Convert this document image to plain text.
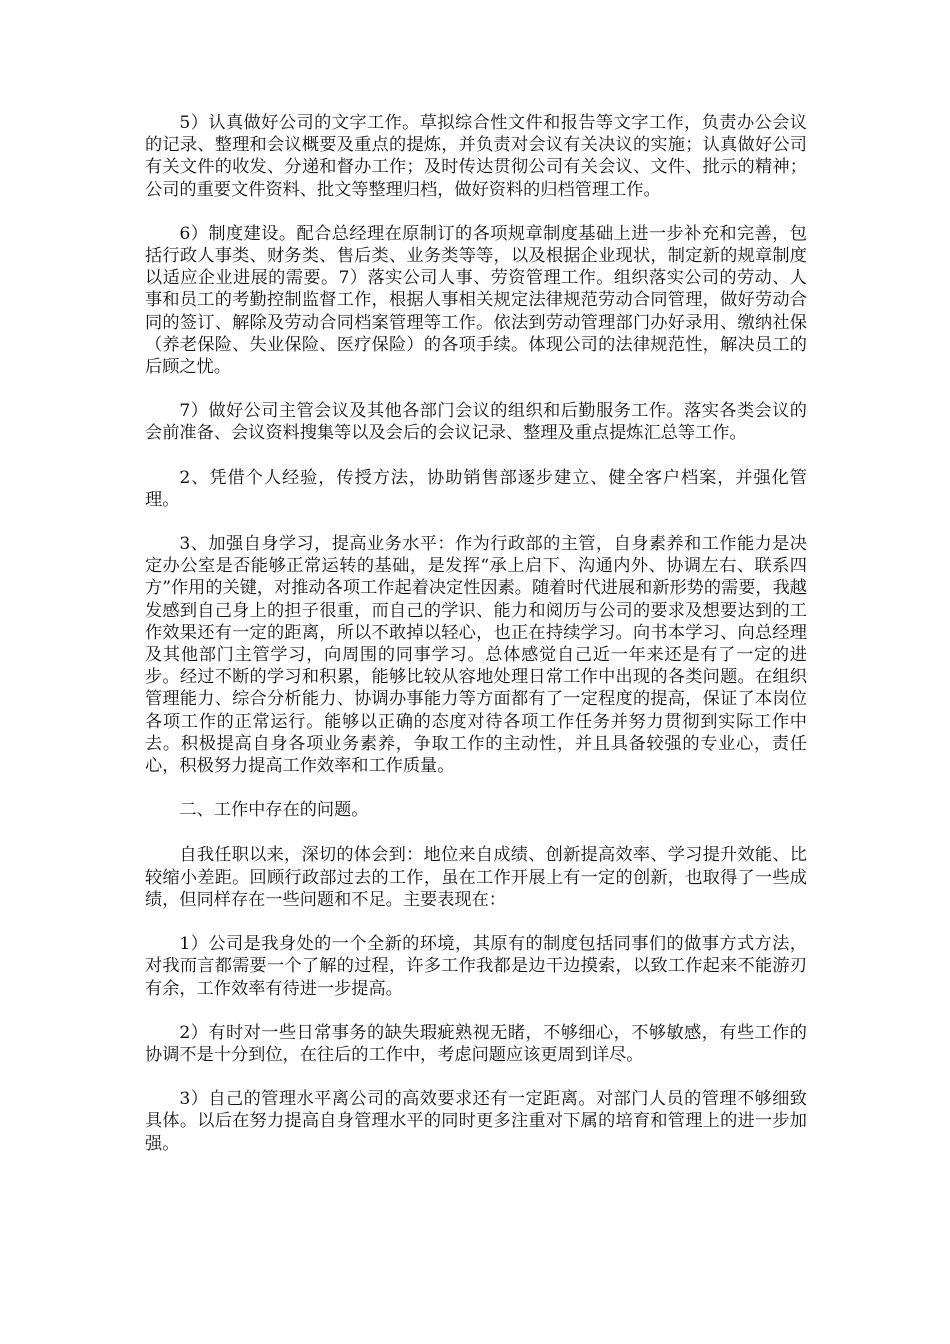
5）认真做好公司的文字工作。草拟综合性文件和报告等文字工作，负责办公会议的记录、整理和会议概要及重点的提炼，并负责对会议有关决议的实施；认真做好公司有关文件的收发、分递和督办工作；及时传达贯彻公司有关会议、文件、批示的精神；公司的重要文件资料、批文等整理归档，做好资料的归档管理工作。

6）制度建设。配合总经理在原制订的各项规章制度基础上进一步补充和完善，包括行政人事类、财务类、售后类、业务类等等，以及根据企业现状，制定新的规章制度以适应企业进展的需要。7）落实公司人事、劳资管理工作。组织落实公司的劳动、人事和员工的考勤控制监督工作，根据人事相关规定法律规范劳动合同管理，做好劳动合同的签订、解除及劳动合同档案管理等工作。依法到劳动管理部门办好录用、缴纳社保（养老保险、失业保险、医疗保险）的各项手续。体现公司的法律规范性，解决员工的后顾之忧。

7）做好公司主管会议及其他各部门会议的组织和后勤服务工作。落实各类会议的会前准备、会议资料搜集等以及会后的会议记录、整理及重点提炼汇总等工作。

2、凭借个人经验，传授方法，协助销售部逐步建立、健全客户档案，并强化管理。

3、加强自身学习，提高业务水平：作为行政部的主管，自身素养和工作能力是决定办公室是否能够正常运转的基础，是发挥“承上启下、沟通内外、协调左右、联系四方”作用的关键，对推动各项工作起着决定性因素。随着时代进展和新形势的需要，我越发感到自己身上的担子很重，而自己的学识、能力和阅历与公司的要求及想要达到的工作效果还有一定的距离，所以不敢掉以轻心，也正在持续学习。向书本学习、向总经理及其他部门主管学习，向周围的同事学习。总体感觉自己近一年来还是有了一定的进步。经过不断的学习和积累，能够比较从容地处理日常工作中出现的各类问题。在组织管理能力、综合分析能力、协调办事能力等方面都有了一定程度的提高，保证了本岗位各项工作的正常运行。能够以正确的态度对待各项工作任务并努力贯彻到实际工作中去。积极提高自身各项业务素养，争取工作的主动性，并且具备较强的专业心，责任心，积极努力提高工作效率和工作质量。

二、工作中存在的问题。

自我任职以来，深切的体会到：地位来自成绩、创新提高效率、学习提升效能、比较缩小差距。回顾行政部过去的工作，虽在工作开展上有一定的创新，也取得了一些成绩，但同样存在一些问题和不足。主要表现在：

1）公司是我身处的一个全新的环境，其原有的制度包括同事们的做事方式方法，对我而言都需要一个了解的过程，许多工作我都是边干边摸索，以致工作起来不能游刃有余，工作效率有待进一步提高。

2）有时对一些日常事务的缺失瑕疵熟视无睹，不够细心，不够敏感，有些工作的协调不是十分到位，在往后的工作中，考虑问题应该更周到详尽。

3）自己的管理水平离公司的高效要求还有一定距离。对部门人员的管理不够细致具体。以后在努力提高自身管理水平的同时更多注重对下属的培育和管理上的进一步加强。
